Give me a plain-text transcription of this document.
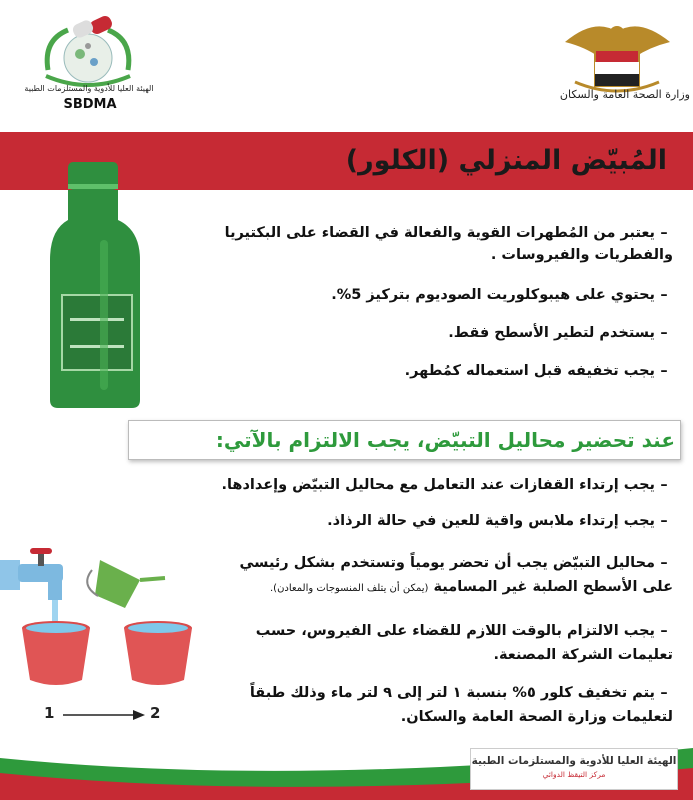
الهيئة العليا للأدوية والمستلزمات الطبية
SBDMA
وزارة الصحة العامة والسكان
المُبيّض المنزلي (الكلور)
–يعتبر من المُطهرات القوية والفعالة في القضاء على البكتيريا
والفطريات والفيروسات .
–يحتوي على هيبوكلوريت الصوديوم بتركيز 5%.
–يستخدم لتطير الأسطح فقط.
–يجب تخفيفه قبل استعماله كمُطهر.
عند تحضير محاليل التبيّض، يجب الالتزام بالآتي:
–يجب إرتداء القفازات عند التعامل مع محاليل التبيّض وإعدادها.
–يجب إرتداء ملابس واقية للعين في حالة الرذاذ.
–محاليل التبيّض يجب أن تحضر يومياً وتستخدم بشكل رئيسي
على الأسطح الصلبة غير المسامية (يمكن أن يتلف المنسوجات والمعادن).
–يجب الالتزام بالوقت اللازم للقضاء على الفيروس، حسب
تعليمات الشركة المصنعة.
–يتم تخفيف كلور ٥% بنسبة ١ لتر إلى ٩ لتر ماء وذلك طبقاً
لتعليمات وزارة الصحة العامة والسكان.
1	2
الهيئة العليا للأدوية والمستلزمات الطبية
مركز التيقظ الدوائي
